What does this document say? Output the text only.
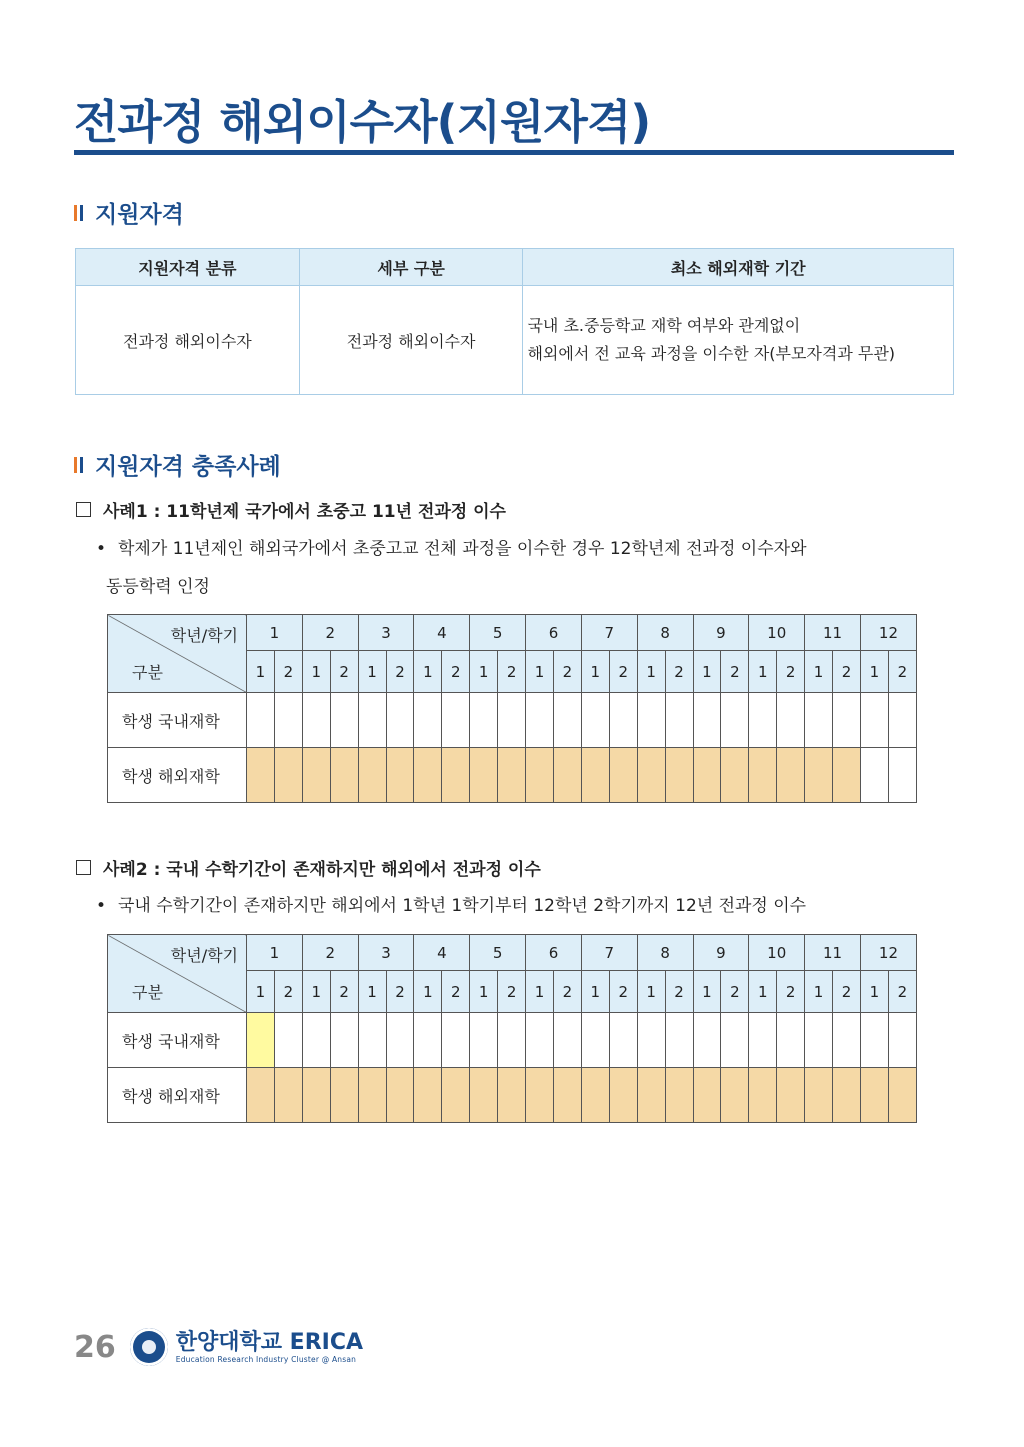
전과정 해외이수자(지원자격)
지원자격
지원자격 분류	세부 구분	최소 해외재학 기간
전과정 해외이수자	전과정 해외이수자	국내 초.중등학교 재학 여부와 관계없이
해외에서 전 교육 과정을 이수한 자(부모자격과 무관)
지원자격 충족사례
사례1 : 11학년제 국가에서 초중고 11년 전과정 이수
• 학제가 11년제인 해외국가에서 초중고교 전체 과정을 이수한 경우 12학년제 전과정 이수자와
동등학력 인정
학년/학기
구분	1		2		3		4		5		6		7		8		9		10		11		12	
	1	2	1	2	1	2	1	2	1	2	1	2	1	2	1	2	1	2	1	2	1	2	1	2
학생 국내재학																								
학생 해외재학																								
사례2 : 국내 수학기간이 존재하지만 해외에서 전과정 이수
• 국내 수학기간이 존재하지만 해외에서 1학년 1학기부터 12학년 2학기까지 12년 전과정 이수
학년/학기
구분	1		2		3		4		5		6		7		8		9		10		11		12	
	1	2	1	2	1	2	1	2	1	2	1	2	1	2	1	2	1	2	1	2	1	2	1	2
학생 국내재학																								
학생 해외재학																								
26	한양대학교 ERICA
Education Research Industry Cluster @ Ansan
